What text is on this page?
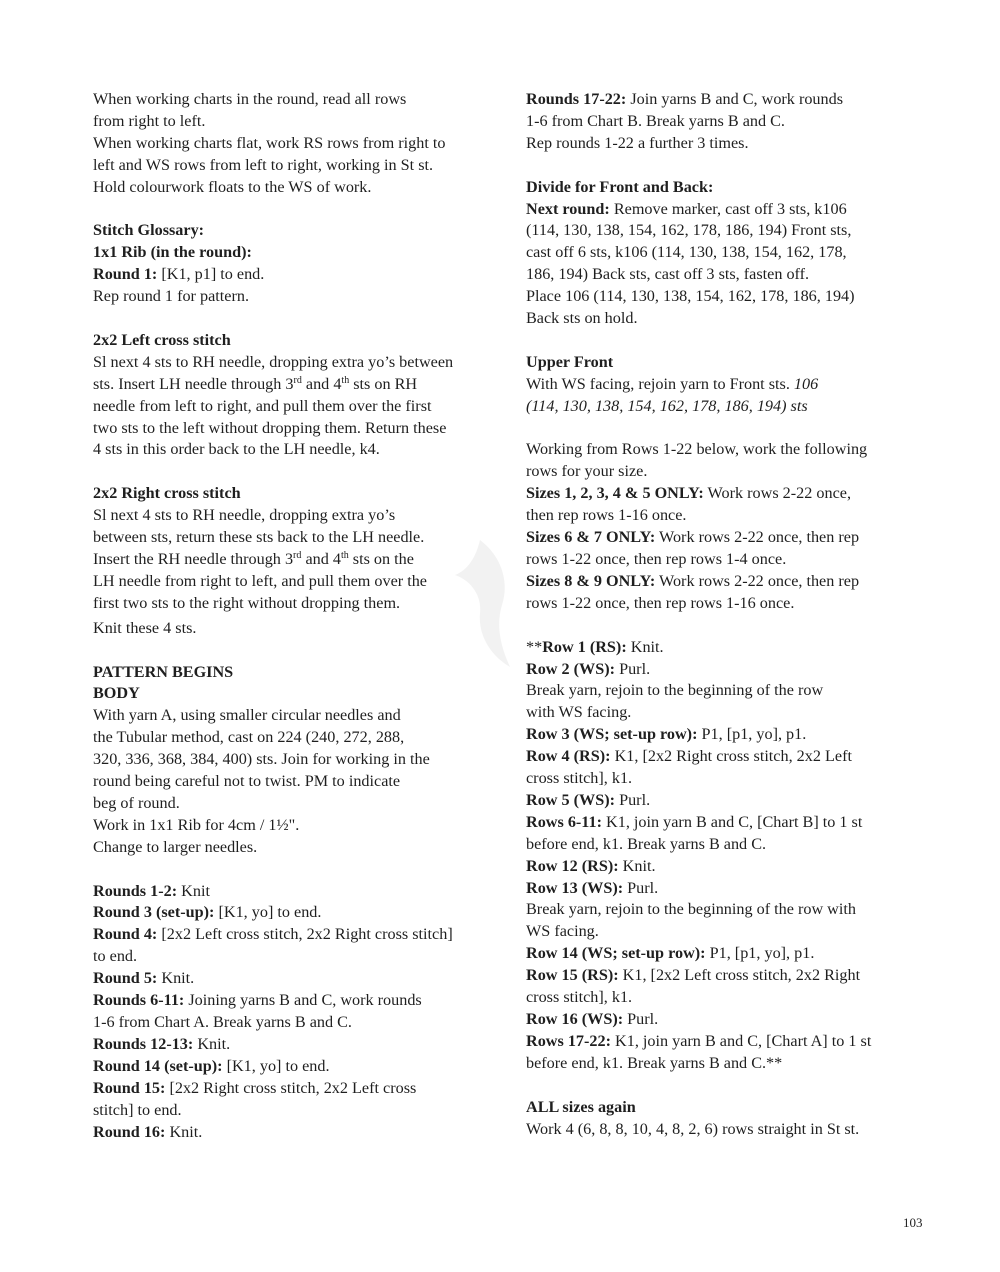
When working charts in the round, read all rows
from right to left.
When working charts flat, work RS rows from right to
left and WS rows from left to right, working in St st.
Hold colourwork floats to the WS of work.
Stitch Glossary:
1x1 Rib (in the round):
Round 1: [K1, p1] to end.
Rep round 1 for pattern.
2x2 Left cross stitch
Sl next 4 sts to RH needle, dropping extra yo’s between
sts. Insert LH needle through 3rd and 4th sts on RH
needle from left to right, and pull them over the first
two sts to the left without dropping them. Return these
4 sts in this order back to the LH needle, k4.
2x2 Right cross stitch
Sl next 4 sts to RH needle, dropping extra yo’s
between sts, return these sts back to the LH needle.
Insert the RH needle through 3rd and 4th sts on the
LH needle from right to left, and pull them over the
first two sts to the right without dropping them.
Knit these 4 sts.
PATTERN BEGINS
BODY
With yarn A, using smaller circular needles and
the Tubular method, cast on 224 (240, 272, 288,
320, 336, 368, 384, 400) sts. Join for working in the
round being careful not to twist. PM to indicate
beg of round.
Work in 1x1 Rib for 4cm / 1½".
Change to larger needles.
Rounds 1-2: Knit
Round 3 (set-up): [K1, yo] to end.
Round 4: [2x2 Left cross stitch, 2x2 Right cross stitch]
to end.
Round 5: Knit.
Rounds 6-11: Joining yarns B and C, work rounds
1-6 from Chart A. Break yarns B and C.
Rounds 12-13: Knit.
Round 14 (set-up): [K1, yo] to end.
Round 15: [2x2 Right cross stitch, 2x2 Left cross
stitch] to end.
Round 16: Knit.
Rounds 17-22: Join yarns B and C, work rounds
1-6 from Chart B. Break yarns B and C.
Rep rounds 1-22 a further 3 times.
Divide for Front and Back:
Next round: Remove marker, cast off 3 sts, k106
(114, 130, 138, 154, 162, 178, 186, 194) Front sts,
cast off 6 sts, k106 (114, 130, 138, 154, 162, 178,
186, 194) Back sts, cast off 3 sts, fasten off.
Place 106 (114, 130, 138, 154, 162, 178, 186, 194)
Back sts on hold.
Upper Front
With WS facing, rejoin yarn to Front sts. 106
(114, 130, 138, 154, 162, 178, 186, 194) sts
Working from Rows 1-22 below, work the following
rows for your size.
Sizes 1, 2, 3, 4 & 5 ONLY: Work rows 2-22 once,
then rep rows 1-16 once.
Sizes 6 & 7 ONLY: Work rows 2-22 once, then rep
rows 1-22 once, then rep rows 1-4 once.
Sizes 8 & 9 ONLY: Work rows 2-22 once, then rep
rows 1-22 once, then rep rows 1-16 once.
**Row 1 (RS): Knit.
Row 2 (WS): Purl.
Break yarn, rejoin to the beginning of the row
with WS facing.
Row 3 (WS; set-up row): P1, [p1, yo], p1.
Row 4 (RS): K1, [2x2 Right cross stitch, 2x2 Left
cross stitch], k1.
Row 5 (WS): Purl.
Rows 6-11: K1, join yarn B and C, [Chart B] to 1 st
before end, k1. Break yarns B and C.
Row 12 (RS): Knit.
Row 13 (WS): Purl.
Break yarn, rejoin to the beginning of the row with
WS facing.
Row 14 (WS; set-up row): P1, [p1, yo], p1.
Row 15 (RS): K1, [2x2 Left cross stitch, 2x2 Right
cross stitch], k1.
Row 16 (WS): Purl.
Rows 17-22: K1, join yarn B and C, [Chart A] to 1 st
before end, k1. Break yarns B and C.**
ALL sizes again
Work 4 (6, 8, 8, 10, 4, 8, 2, 6) rows straight in St st.
103
